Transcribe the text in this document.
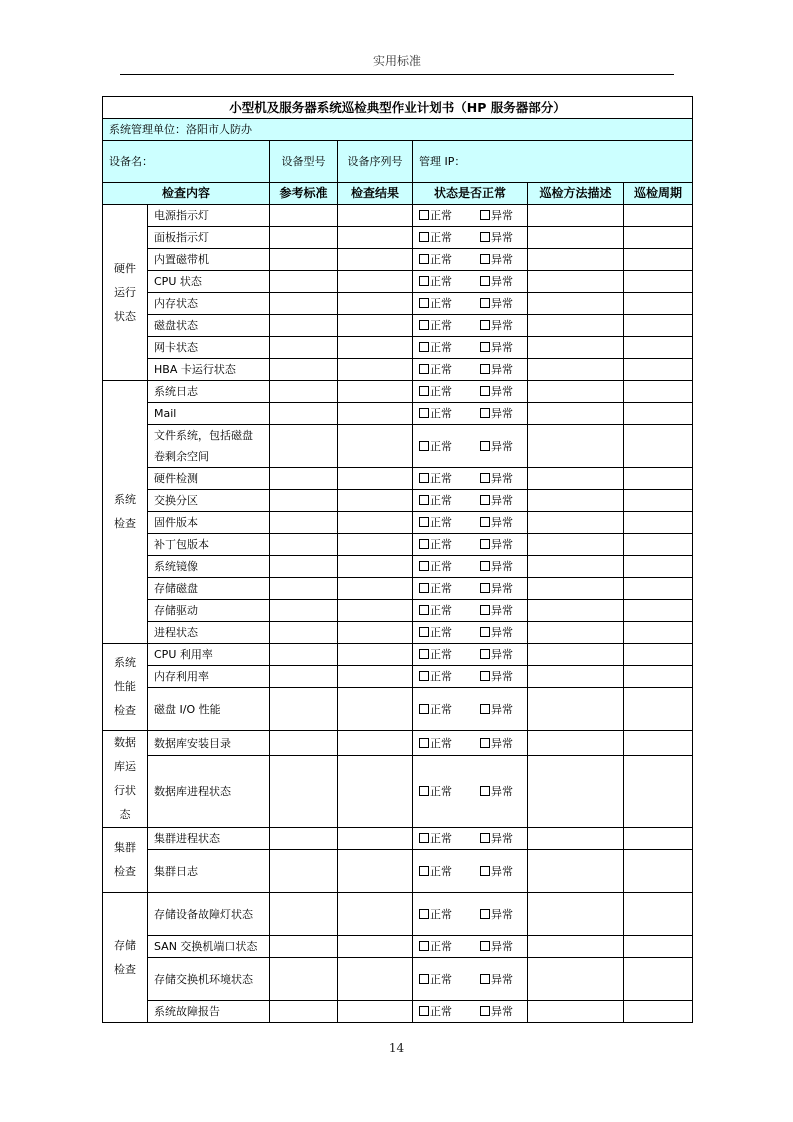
实用标准
小型机及服务器系统巡检典型作业计划书（HP 服务器部分）						
系统管理单位：洛阳市人防办						
设备名：		设备型号	设备序列号	管理 IP：		
检查内容		参考标准	检查结果	状态是否正常	巡检方法描述	巡检周期

硬件
运行
状态	电源指示灯			正常 异常		
	面板指示灯			正常 异常		
	内置磁带机			正常 异常		
	CPU 状态			正常 异常		
	内存状态			正常 异常		
	磁盘状态			正常 异常		
	网卡状态			正常 异常		
	HBA 卡运行状态			正常 异常		

系统
检查	系统日志			正常 异常		
	Mail			正常 异常		
	文件系统，包括磁盘卷剩余空间			正常 异常		
	硬件检测			正常 异常		
	交换分区			正常 异常		
	固件版本			正常 异常		
	补丁包版本			正常 异常		
	系统镜像			正常 异常		
	存储磁盘			正常 异常		
	存储驱动			正常 异常		
	进程状态			正常 异常		

系统
性能
检查	CPU 利用率			正常 异常		
	内存利用率			正常 异常		
	磁盘 I/O 性能			正常 异常		

数据
库运
行状
态	数据库安装目录			正常 异常		
	数据库进程状态			正常 异常		

集群
检查	集群进程状态			正常 异常		
	集群日志			正常 异常		

存储
检查	存储设备故障灯状态			正常 异常		
	SAN 交换机端口状态			正常 异常		
	存储交换机环境状态			正常 异常		
	系统故障报告			正常 异常		
14
